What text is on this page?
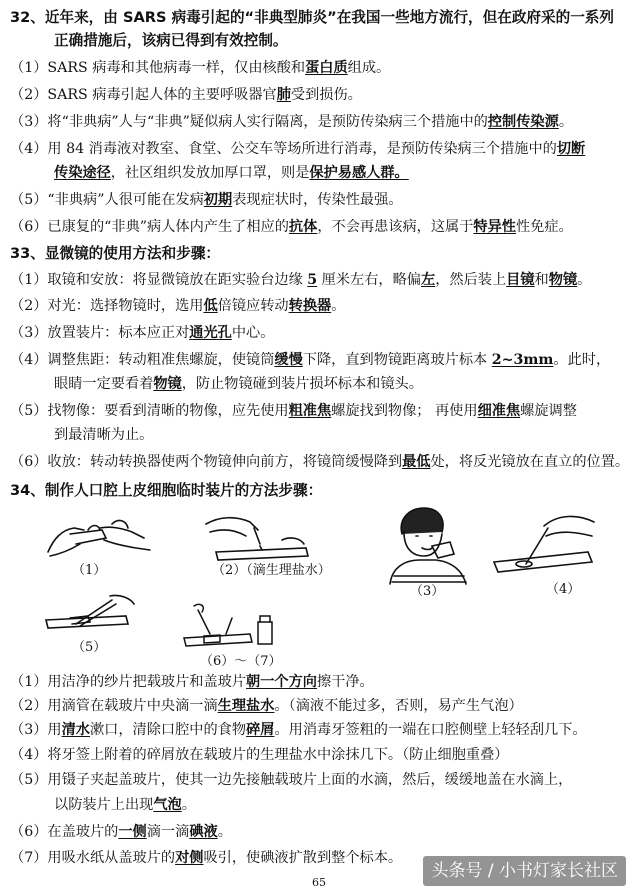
32、近年来，由 SARS 病毒引起的“非典型肺炎”在我国一些地方流行，但在政府采的一系列
正确措施后，该病已得到有效控制。
（1）SARS 病毒和其他病毒一样，仅由核酸和蛋白质组成。
（2）SARS 病毒引起人体的主要呼吸器官肺受到损伤。
（3）将“非典病”人与“非典”疑似病人实行隔离，是预防传染病三个措施中的控制传染源。
（4）用 84 消毒液对教室、食堂、公交车等场所进行消毒，是预防传染病三个措施中的切断
传染途径，社区组织发放加厚口罩，则是保护易感人群。
（5）“非典病”人很可能在发病初期表现症状时，传染性最强。
（6）已康复的“非典”病人体内产生了相应的抗体，不会再患该病，这属于特异性性免症。
33、显微镜的使用方法和步骤：
（1）取镜和安放：将显微镜放在距实验台边缘 5 厘米左右，略偏左，然后装上目镜和物镜。
（2）对光：选择物镜时，选用低倍镜应转动转换器。
（3）放置装片：标本应正对通光孔中心。
（4）调整焦距：转动粗准焦螺旋，使镜筒缓慢下降，直到物镜距离玻片标本 2~3mm。此时，
眼睛一定要看着物镜，防止物镜碰到装片损坏标本和镜头。
（5）找物像：要看到清晰的物像，应先使用粗准焦螺旋找到物像； 再使用细准焦螺旋调整
到最清晰为止。
（6）收放：转动转换器使两个物镜伸向前方，将镜筒缓慢降到最低处，将反光镜放在直立的位置。
34、制作人口腔上皮细胞临时装片的方法步骤：
（1）	（2）（滴生理盐水）
（3）	（4）
（5）
（6）～（7）
（1）用洁净的纱片把载玻片和盖玻片朝一个方向擦干净。
（2）用滴管在载玻片中央滴一滴生理盐水。（滴液不能过多，否则，易产生气泡）
（3）用清水漱口，清除口腔中的食物碎屑。用消毒牙签粗的一端在口腔侧壁上轻轻刮几下。
（4）将牙签上附着的碎屑放在载玻片的生理盐水中涂抹几下。（防止细胞重叠）
（5）用镊子夹起盖玻片，使其一边先接触载玻片上面的水滴，然后，缓缓地盖在水滴上，
以防装片上出现气泡。
（6）在盖玻片的一侧滴一滴碘液。
（7）用吸水纸从盖玻片的对侧吸引，使碘液扩散到整个标本。
65
头条号 / 小书灯家长社区
